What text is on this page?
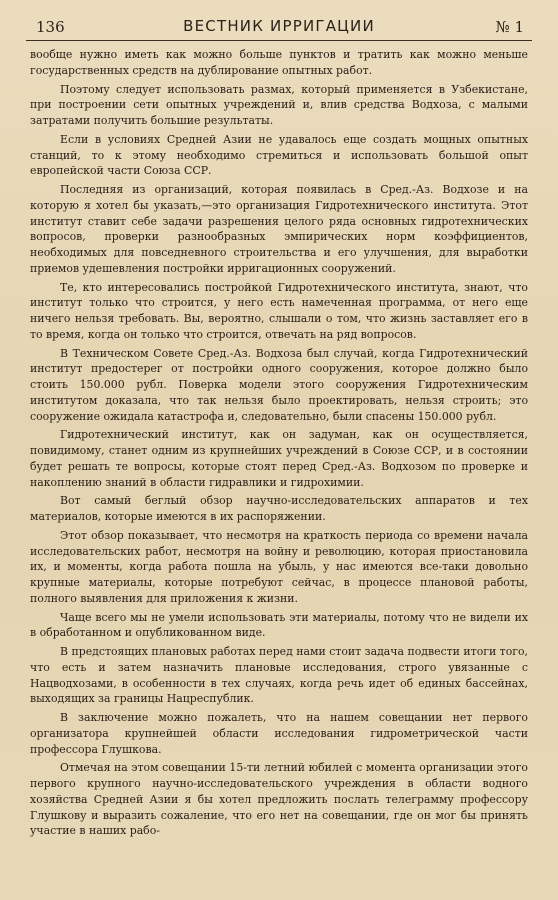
136	ВЕСТНИК ИРРИГАЦИИ	№ 1

вообще нужно иметь как можно больше пунктов и тратить как можно меньше государственных средств на дублирование опытных работ.

Поэтому следует использовать размах, который применяется в Узбекистане, при построении сети опытных учреждений и, влив средства Водхоза, с малыми затратами получить большие результаты.

Если в условиях Средней Азии не удавалось еще создать мощных опытных станций, то к этому необходимо стремиться и использовать большой опыт европейской части Союза ССР.

Последняя из организаций, которая появилась в Сред.-Аз. Водхозе и на которую я хотел бы указать,—это организация Гидротехнического института. Этот институт ставит себе задачи разрешения целого ряда основных гидротехнических вопросов, проверки разнообразных эмпирических норм коэффициентов, необходимых для повседневного строительства и его улучшения, для выработки приемов удешевления постройки ирригационных сооружений.

Те, кто интересовались постройкой Гидротехнического института, знают, что институт только что строится, у него есть намеченная программа, от него еще ничего нельзя требовать. Вы, вероятно, слышали о том, что жизнь заставляет его в то время, когда он только что строится, отвечать на ряд вопросов.

В Техническом Совете Сред.-Аз. Водхоза был случай, когда Гидротехнический институт предостерег от постройки одного сооружения, которое должно было стоить 150.000 рубл. Поверка модели этого сооружения Гидротехническим институтом доказала, что так нельзя было проектировать, нельзя строить; это сооружение ожидала катастрофа и, следовательно, были спасены 150.000 рубл.

Гидротехнический институт, как он задуман, как он осуществляется, повидимому, станет одним из крупнейших учреждений в Союзе ССР, и в состоянии будет решать те вопросы, которые стоят перед Сред.-Аз. Водхозом по проверке и накоплению знаний в области гидравлики и гидрохимии.

Вот самый беглый обзор научно-исследовательских аппаратов и тех материалов, которые имеются в их распоряжении.

Этот обзор показывает, что несмотря на краткость периода со времени начала исследовательских работ, несмотря на войну и революцию, которая приостановила их, и моменты, когда работа пошла на убыль, у нас имеются все-таки довольно крупные материалы, которые потребуют сейчас, в процессе плановой работы, полного выявления для приложения к жизни.

Чаще всего мы не умели использовать эти материалы, потому что не видели их в обработанном и опубликованном виде.

В предстоящих плановых работах перед нами стоит задача подвести итоги того, что есть и затем назначить плановые исследования, строго увязанные с Нацводхозами, в особенности в тех случаях, когда речь идет об единых бассейнах, выходящих за границы Нацреспублик.

В заключение можно пожалеть, что на нашем совещании нет первого организатора крупнейшей области исследования гидрометрической части профессора Глушкова.

Отмечая на этом совещании 15-ти летний юбилей с момента организации этого первого крупного научно-исследовательского учреждения в области водного хозяйства Средней Азии я бы хотел предложить послать телеграмму профессору Глушкову и выразить сожаление, что его нет на совещании, где он мог бы принять участие в наших рабо-
